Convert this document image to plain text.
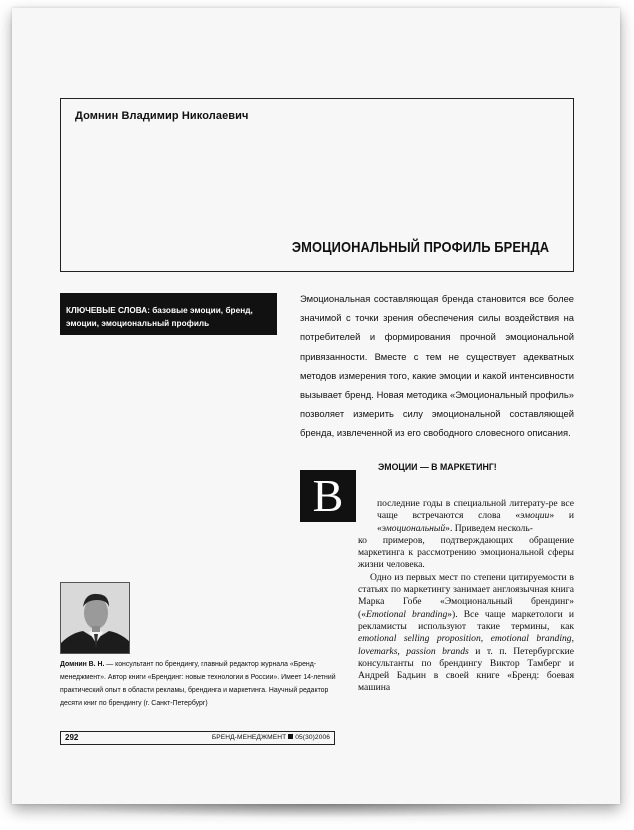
Домнин Владимир Николаевич
ЭМОЦИОНАЛЬНЫЙ ПРОФИЛЬ БРЕНДА
КЛЮЧЕВЫЕ СЛОВА: базовые эмоции, бренд,
эмоции, эмоциональный профиль
Эмоциональная составляющая бренда становится все более значимой с точки зрения обеспечения силы воздействия на потребителей и формирования прочной эмоциональной привязанности. Вместе с тем не существует адекватных методов измерения того, какие эмоции и какой интенсивности вызывает бренд. Новая методика «Эмоциональный профиль» позволяет измерить силу эмоциональной составляющей бренда, извлеченной из его свободного словесного описания.
В
ЭМОЦИИ — В МАРКЕТИНГ!

последние годы в специальной литерату-ре все чаще встречаются слова «эмоции» и «эмоциональный». Приведем несколь-

ко примеров, подтверждающих обращение маркетинга к рассмотрению эмоциональной сферы жизни человека.

Одно из первых мест по степени цитируемости в статьях по маркетингу занимает англоязычная книга Марка Гобе «Эмоциональный брендинг» («Emotional branding»). Все чаще маркетологи и рекламисты используют такие термины, как emotional selling proposition, emotional branding, lovemarks, passion brands и т. п. Петербургские консультанты по брендингу Виктор Тамберг и Андрей Бадьин в своей книге «Бренд: боевая машина

Домнин В. Н. — консультант по брендингу, главный редактор журнала «Бренд-менеджмент». Автор книги «Брендинг: новые технологии в России». Имеет 14-летний практический опыт в области рекламы, брендинга и маркетинга. Научный редактор десяти книг по брендингу (г. Санкт-Петербург)
292	БРЕНД-МЕНЕДЖМЕНТ 05(30)2006
